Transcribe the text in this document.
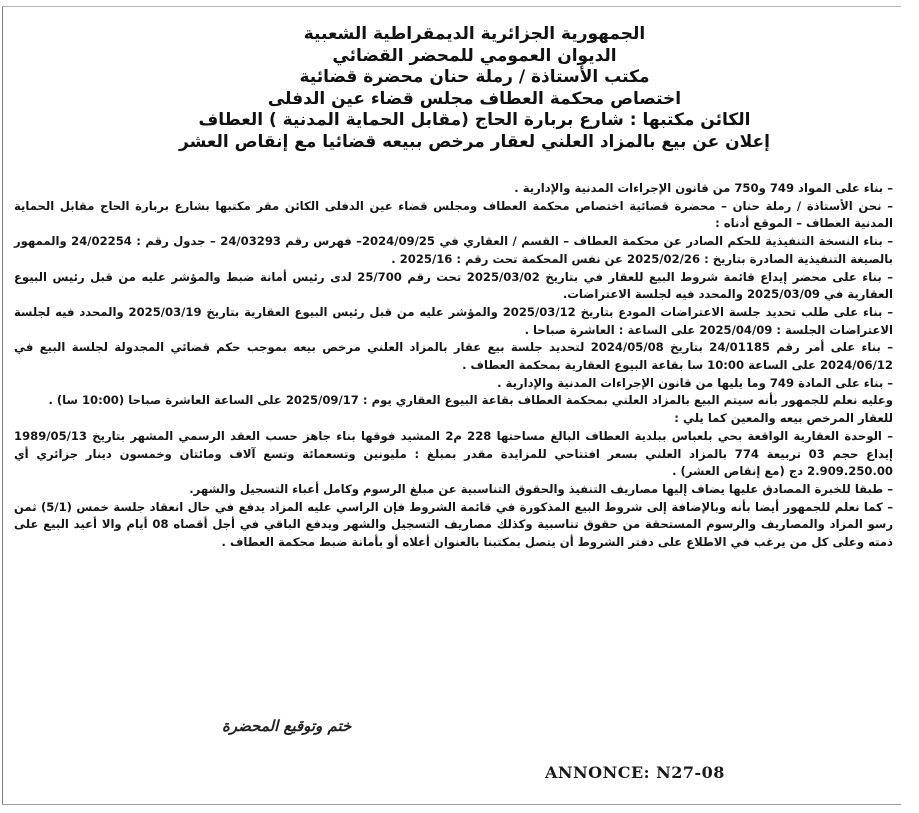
الجمهورية الجزائرية الديمقراطية الشعبية
الديوان العمومي للمحضر القضائي
مكتب الأستاذة / رملة حنان محضرة قضائية
اختصاص محكمة العطاف مجلس قضاء عين الدفلى
الكائن مكتبها : شارع بربارة الحاج (مقابل الحماية المدنية ) العطاف
إعلان عن بيع بالمزاد العلني لعقار مرخص ببيعه قضائيا مع إنقاص العشر

– بناء على المواد 749 و750 من قانون الإجراءات المدنية والإدارية .

– نحن الأستاذة / رملة حنان – محضرة قضائية اختصاص محكمة العطاف ومجلس قضاء عين الدفلى الكائن مقر مكتبها بشارع بربارة الحاج مقابل الحماية المدنية العطاف – الموقع أدناه :

– بناء النسخة التنفيذية للحكم الصادر عن محكمة العطاف – القسم / العقاري في 2024/09/25– فهرس رقم 24/03293 – جدول رقم : 24/02254 والممهور بالصيغة التنفيذية الصادرة بتاريخ : 2025/02/26 عن نفس المحكمة تحت رقم : 2025/16 .

– بناء على محضر إيداع قائمة شروط البيع للعقار في بتاريخ 2025/03/02 تحت رقم 25/700 لدى رئيس أمانة ضبط والمؤشر عليه من قبل رئيس البيوع العقارية في 2025/03/09 والمحدد فيه لجلسة الاعتراضات.

– بناء على طلب تحديد جلسة الاعتراضات المودع بتاريخ 2025/03/12 والمؤشر عليه من قبل رئيس البيوع العقارية بتاريخ 2025/03/19 والمحدد فيه لجلسة الاعتراضات الجلسة : 2025/04/09 على الساعة : العاشرة صباحا .

– بناء على أمر رقم 24/01185 بتاريخ 2024/05/08 لتحديد جلسة بيع عقار بالمزاد العلني مرخص بيعه بموجب حكم قضائي المجدولة لجلسة البيع في 2024/06/12 على الساعة 10:00 سا بقاعة البيوع العقارية بمحكمة العطاف .

– بناء على المادة 749 وما يليها من قانون الإجراءات المدنية والإدارية .

وعليه نعلم للجمهور بأنه سيتم البيع بالمزاد العلني بمحكمة العطاف بقاعة البيوع العقاري يوم : 2025/09/17 على الساعة العاشرة صباحا (10:00 سا) .

للعقار المرخص بيعه والمعين كما يلي :

– الوحدة العقارية الواقعة بحي بلعباس ببلدية العطاف البالغ مساحتها 228 م2 المشيد فوقها بناء جاهز حسب العقد الرسمي المشهر بتاريخ 1989/05/13 إيداع حجم 03 تربيعة 774 بالمزاد العلني بسعر افتتاحي للمزايدة مقدر بمبلغ : مليونين وتسعمائة وتسع آلاف ومائتان وخمسون دينار جزائري أي 2.909.250.00 دج (مع إنقاص العشر) .

– طبقا للخبرة المصادق عليها يضاف إليها مصاريف التنفيذ والحقوق التناسبية عن مبلغ الرسوم وكامل أعباء التسجيل والشهر.

– كما نعلم للجمهور أيضا بأنه وبالإضافة إلى شروط البيع المذكورة في قائمة الشروط فإن الراسي عليه المزاد يدفع في حال انعقاد جلسة خمس (5/1) ثمن رسو المزاد والمصاريف والرسوم المستحقة من حقوق تناسبية وكذلك مصاريف التسجيل والشهر ويدفع الباقي في أجل أقصاه 08 أيام والا أعيد البيع على ذمته وعلى كل من يرغب في الاطلاع على دفتر الشروط أن يتصل بمكتبنا بالعنوان أعلاه أو بأمانة ضبط محكمة العطاف .

ختم وتوقيع المحضرة
ANNONCE: N27-08
